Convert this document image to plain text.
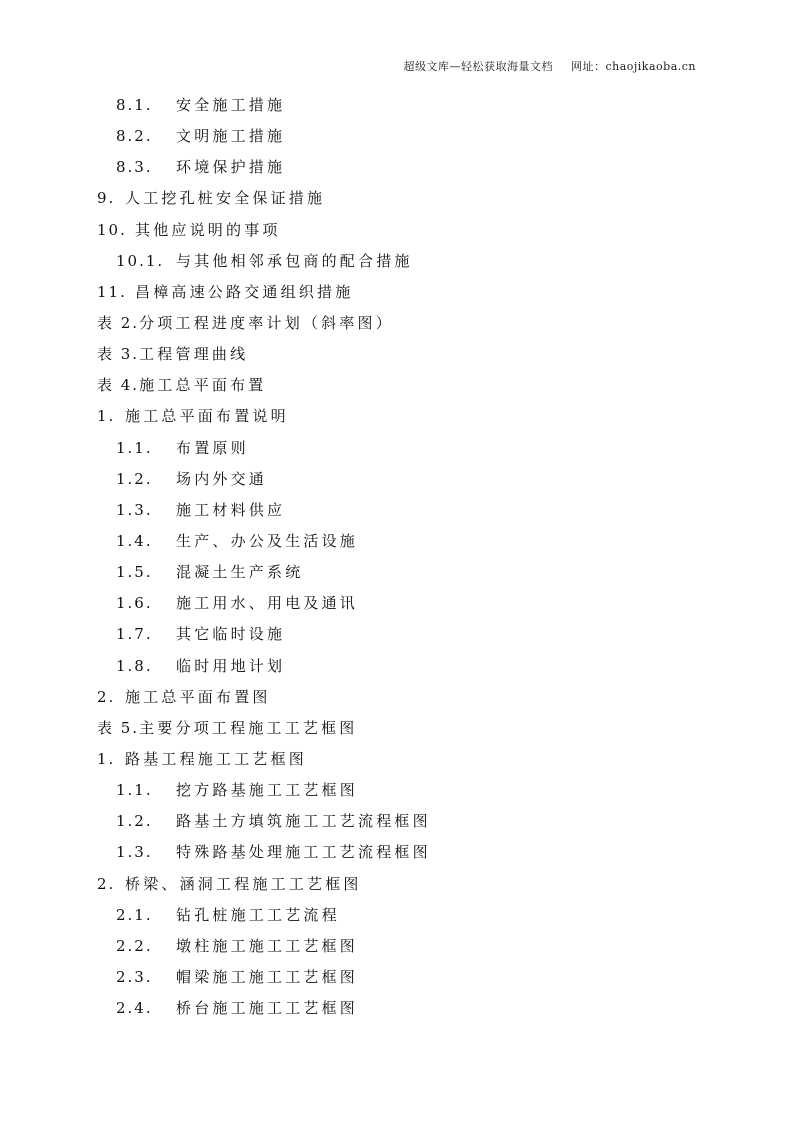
超级文库—轻松获取海量文档 网址：chaojikaoba.cn
8.1.	安全施工措施
8.2.	文明施工措施
8.3.	环境保护措施
9. 人工挖孔桩安全保证措施
10. 其他应说明的事项
10.1. 与其他相邻承包商的配合措施
11. 昌樟高速公路交通组织措施
表 2. 分项工程进度率计划（斜率图）
表 3. 工程管理曲线
表 4. 施工总平面布置
1. 施工总平面布置说明
1.1.	布置原则
1.2.	场内外交通
1.3.	施工材料供应
1.4.	生产、办公及生活设施
1.5.	混凝土生产系统
1.6.	施工用水、用电及通讯
1.7.	其它临时设施
1.8.	临时用地计划
2. 施工总平面布置图
表 5. 主要分项工程施工工艺框图
1. 路基工程施工工艺框图
1.1.	挖方路基施工工艺框图
1.2.	路基土方填筑施工工艺流程框图
1.3.	特殊路基处理施工工艺流程框图
2. 桥梁、涵洞工程施工工艺框图
2.1.	钻孔桩施工工艺流程
2.2.	墩柱施工施工工艺框图
2.3.	帽梁施工施工工艺框图
2.4.	桥台施工施工工艺框图
